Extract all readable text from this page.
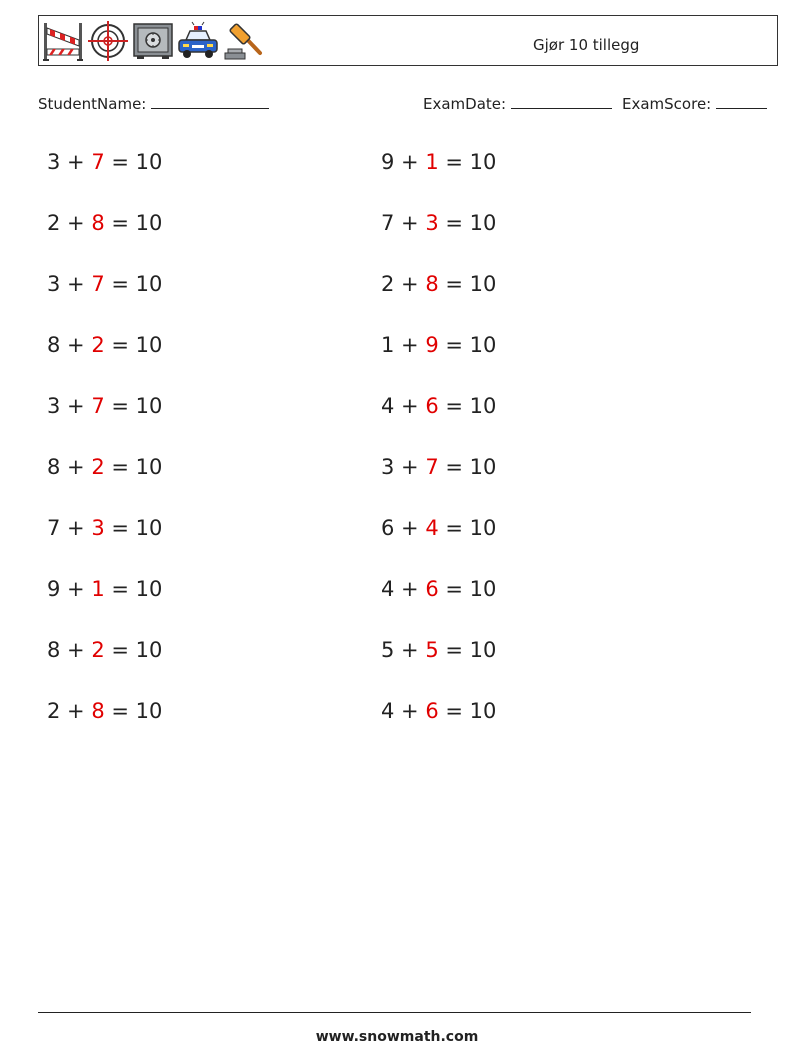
Gjør 10 tillegg
StudentName:	ExamDate:	ExamScore:
3 + 7 = 10
2 + 8 = 10
3 + 7 = 10
8 + 2 = 10
3 + 7 = 10
8 + 2 = 10
7 + 3 = 10
9 + 1 = 10
8 + 2 = 10
2 + 8 = 10
9 + 1 = 10
7 + 3 = 10
2 + 8 = 10
1 + 9 = 10
4 + 6 = 10
3 + 7 = 10
6 + 4 = 10
4 + 6 = 10
5 + 5 = 10
4 + 6 = 10
www.snowmath.com
